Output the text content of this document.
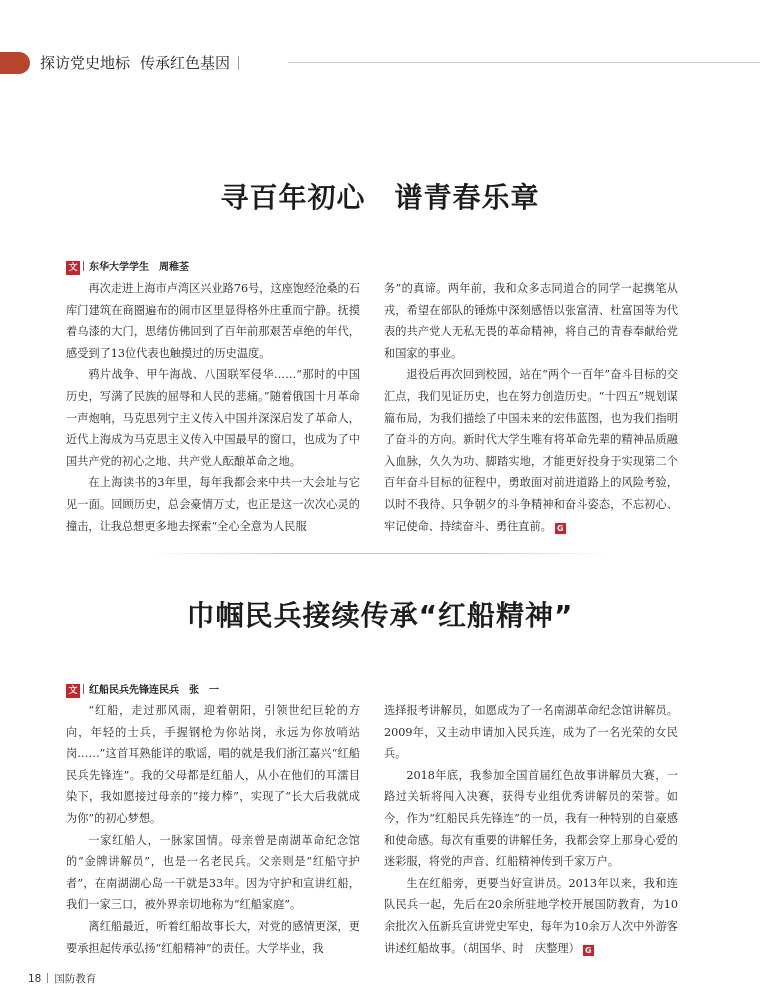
探访党史地标 传承红色基因
寻百年初心　谱青春乐章
文 东华大学学生　周稚荃

再次走进上海市卢湾区兴业路76号，这座饱经沧桑的石库门建筑在商圈遍布的闹市区里显得格外庄重而宁静。抚摸着乌漆的大门，思绪仿佛回到了百年前那艰苦卓绝的年代，感受到了13位代表也触摸过的历史温度。

鸦片战争、甲午海战、八国联军侵华……“那时的中国历史，写满了民族的屈辱和人民的悲痛。”随着俄国十月革命一声炮响，马克思列宁主义传入中国并深深启发了革命人，近代上海成为马克思主义传入中国最早的窗口，也成为了中国共产党的初心之地、共产党人酝酿革命之地。

在上海读书的3年里，每年我都会来中共一大会址与它见一面。回顾历史，总会豪情万丈，也正是这一次次心灵的撞击，让我总想更多地去探索“全心全意为人民服

务”的真谛。两年前，我和众多志同道合的同学一起携笔从戎，希望在部队的锤炼中深刻感悟以张富清、杜富国等为代表的共产党人无私无畏的革命精神，将自己的青春奉献给党和国家的事业。

退役后再次回到校园，站在“两个一百年”奋斗目标的交汇点，我们见证历史，也在努力创造历史。“十四五”规划谋篇布局，为我们描绘了中国未来的宏伟蓝图，也为我们指明了奋斗的方向。新时代大学生唯有将革命先辈的精神品质融入血脉，久久为功、脚踏实地，才能更好投身于实现第二个百年奋斗目标的征程中，勇敢面对前进道路上的风险考验，以时不我待、只争朝夕的斗争精神和奋斗姿态，不忘初心、牢记使命、持续奋斗、勇往直前。 G

巾帼民兵接续传承“红船精神”
文 红船民兵先锋连民兵　张　一

“红船，走过那风雨，迎着朝阳，引领世纪巨轮的方向，年轻的士兵，手握钢枪为你站岗，永远为你放哨站岗……”这首耳熟能详的歌谣，唱的就是我们浙江嘉兴“红船民兵先锋连”。我的父母都是红船人，从小在他们的耳濡目染下，我如愿接过母亲的“接力棒”，实现了“长大后我就成为你”的初心梦想。

一家红船人，一脉家国情。母亲曾是南湖革命纪念馆的“金牌讲解员”，也是一名老民兵。父亲则是“红船守护者”，在南湖湖心岛一干就是33年。因为守护和宣讲红船，我们一家三口，被外界亲切地称为“红船家庭”。

离红船最近，听着红船故事长大，对党的感情更深，更要承担起传承弘扬“红船精神”的责任。大学毕业，我

选择报考讲解员，如愿成为了一名南湖革命纪念馆讲解员。2009年，又主动申请加入民兵连，成为了一名光荣的女民兵。

2018年底，我参加全国首届红色故事讲解员大赛，一路过关斩将闯入决赛，获得专业组优秀讲解员的荣誉。如今，作为“红船民兵先锋连”的一员，我有一种特别的自豪感和使命感。每次有重要的讲解任务，我都会穿上那身心爱的迷彩服，将党的声音、红船精神传到千家万户。

生在红船旁，更要当好宣讲员。2013年以来，我和连队民兵一起，先后在20余所驻地学校开展国防教育，为10余批次入伍新兵宣讲党史军史，每年为10余万人次中外游客讲述红船故事。（胡国华、时　庆整理） G

18 国防教育
